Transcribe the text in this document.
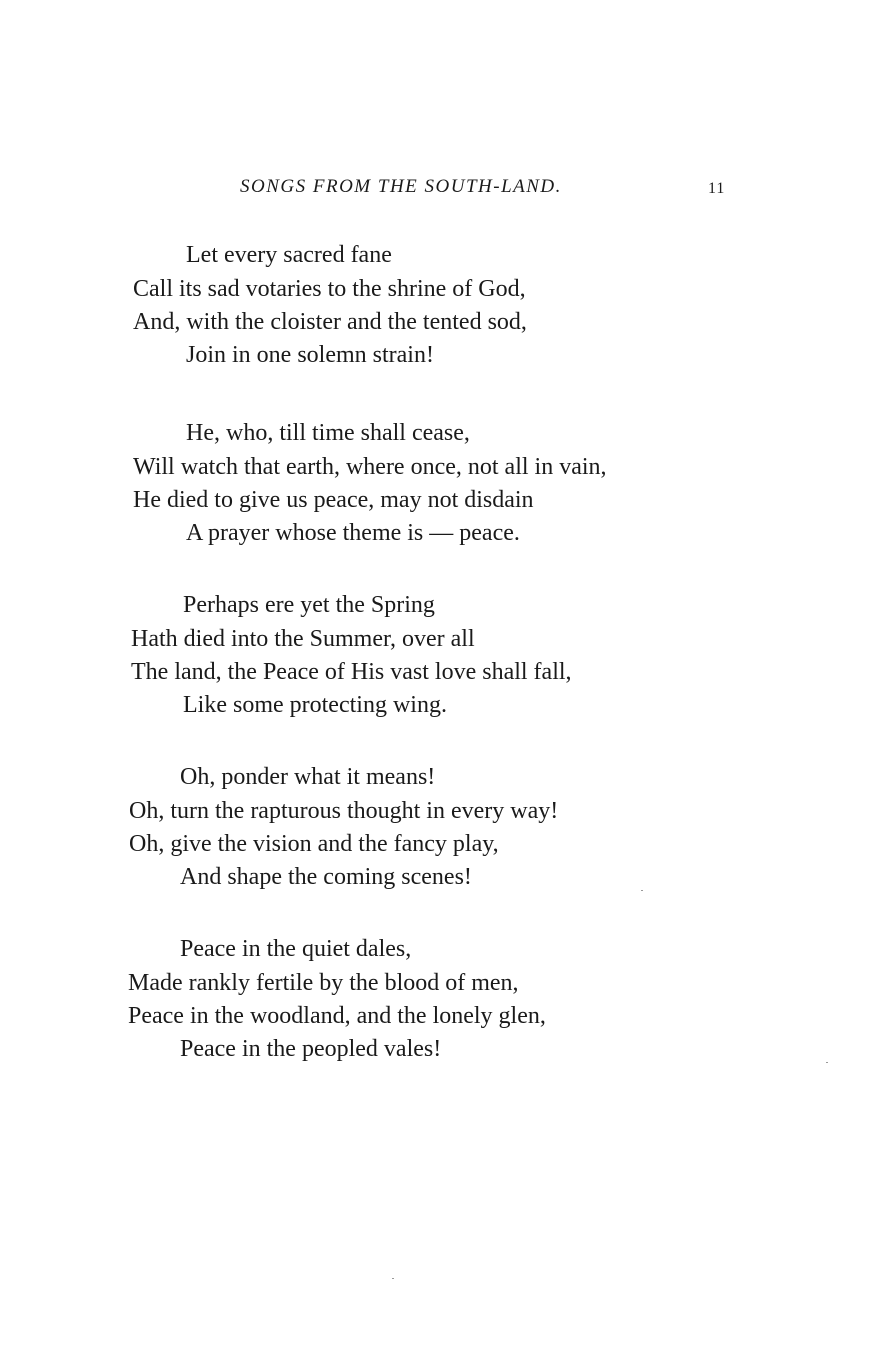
SONGS FROM THE SOUTH-LAND.	11
Let every sacred fane
Call its sad votaries to the shrine of God,
And, with the cloister and the tented sod,
Join in one solemn strain!
He, who, till time shall cease,
Will watch that earth, where once, not all in vain,
He died to give us peace, may not disdain
A prayer whose theme is — peace.
Perhaps ere yet the Spring
Hath died into the Summer, over all
The land, the Peace of His vast love shall fall,
Like some protecting wing.
Oh, ponder what it means!
Oh, turn the rapturous thought in every way!
Oh, give the vision and the fancy play,
And shape the coming scenes!
Peace in the quiet dales,
Made rankly fertile by the blood of men,
Peace in the woodland, and the lonely glen,
Peace in the peopled vales!
